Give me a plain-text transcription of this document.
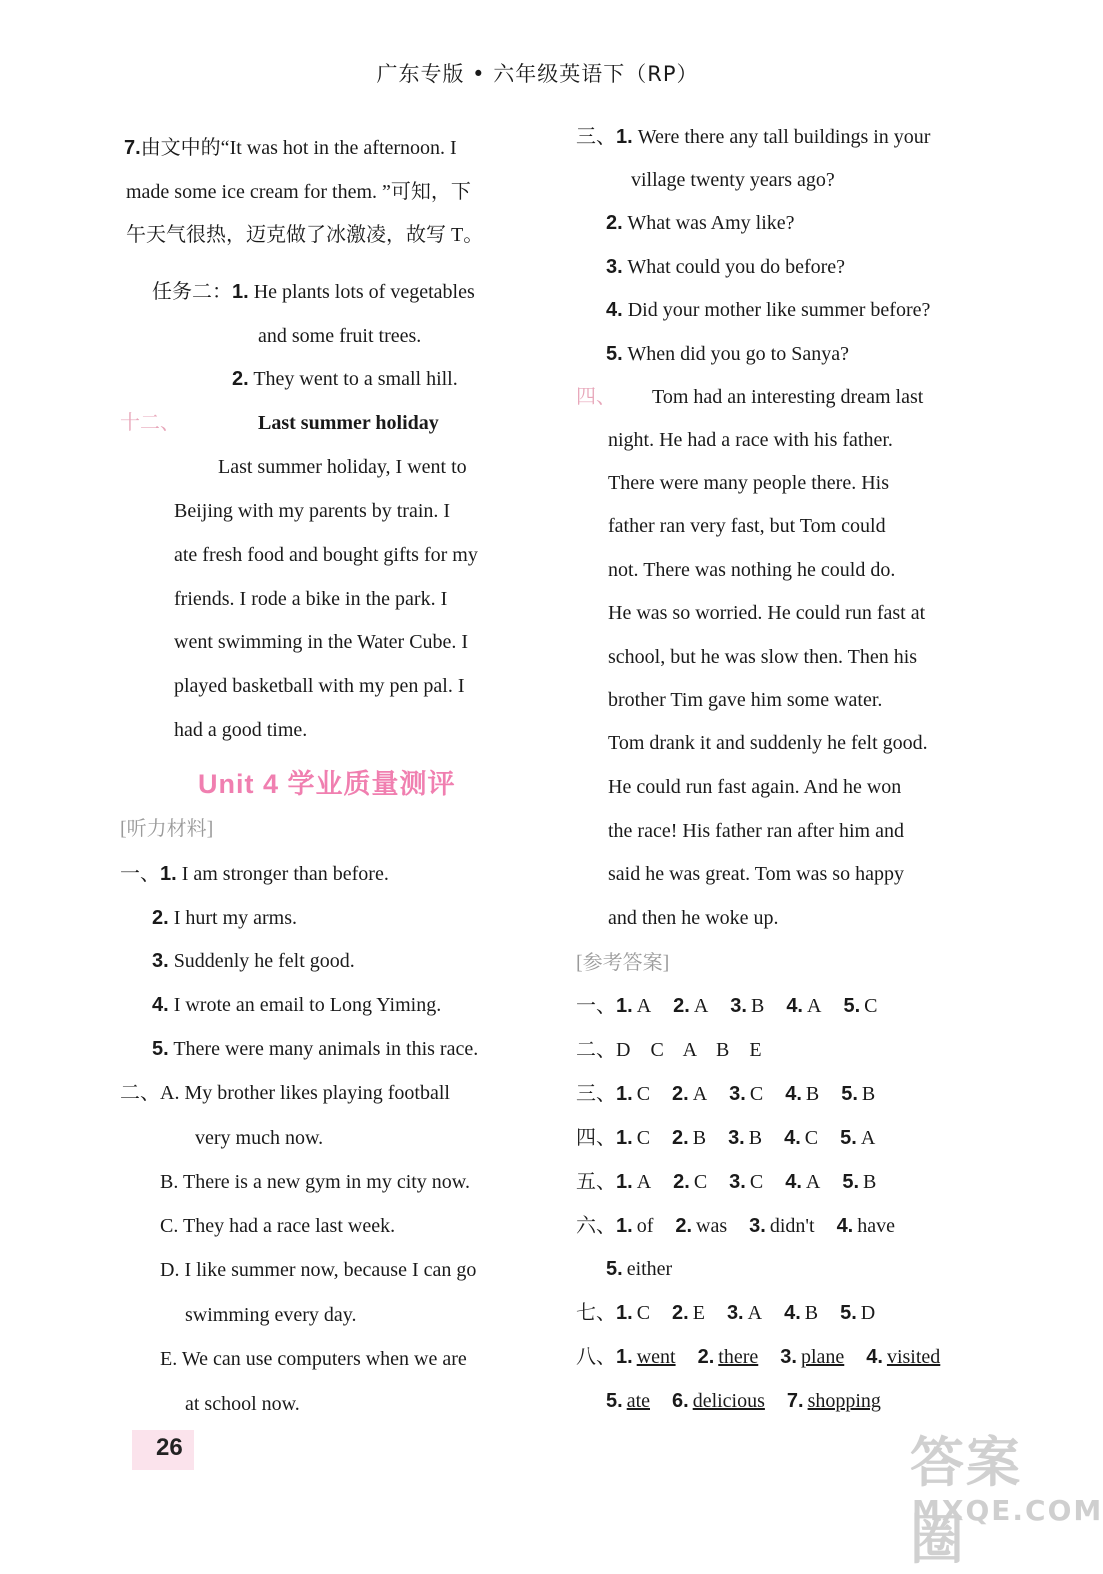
广东专版 • 六年级英语下（RP）
7.由文中的“It was hot in the afternoon. I
made some ice cream for them. ”可知，下
午天气很热，迈克做了冰激凌，故写 T。
任务二：1. He plants lots of vegetables
and some fruit trees.
2. They went to a small hill.
十二、	Last summer holiday
Last summer holiday, I went to
Beijing with my parents by train. I
ate fresh food and bought gifts for my
friends. I rode a bike in the park. I
went swimming in the Water Cube. I
played basketball with my pen pal. I
had a good time.
Unit 4 学业质量测评
[听力材料]
一、1. I am stronger than before.
2. I hurt my arms.
3. Suddenly he felt good.
4. I wrote an email to Long Yiming.
5. There were many animals in this race.
二、A. My brother likes playing football
very much now.
B. There is a new gym in my city now.
C. They had a race last week.
D. I like summer now, because I can go
swimming every day.
E. We can use computers when we are
at school now.
26
三、1. Were there any tall buildings in your
village twenty years ago?
2. What was Amy like?
3. What could you do before?
4. Did your mother like summer before?
5. When did you go to Sanya?
四、 Tom had an interesting dream last
night. He had a race with his father.
There were many people there. His
father ran very fast, but Tom could
not. There was nothing he could do.
He was so worried. He could run fast at
school, but he was slow then. Then his
brother Tim gave him some water.
Tom drank it and suddenly he felt good.
He could run fast again. And he won
the race! His father ran after him and
said he was great. Tom was so happy
and then he woke up.
[参考答案]
一、1. A 2. A 3. B 4. A 5. C
二、D    C    A    B    E
三、1. C 2. A 3. C 4. B 5. B
四、1. C 2. B 3. B 4. C 5. A
五、1. A 2. C 3. C 4. A 5. B
六、1. of 2. was 3. didn't 4. have
5. either
七、1. C 2. E 3. A 4. B 5. D
八、1. went 2. there 3. plane 4. visited
5. ate 6. delicious 7. shopping
答案圈
MXQE.COM
